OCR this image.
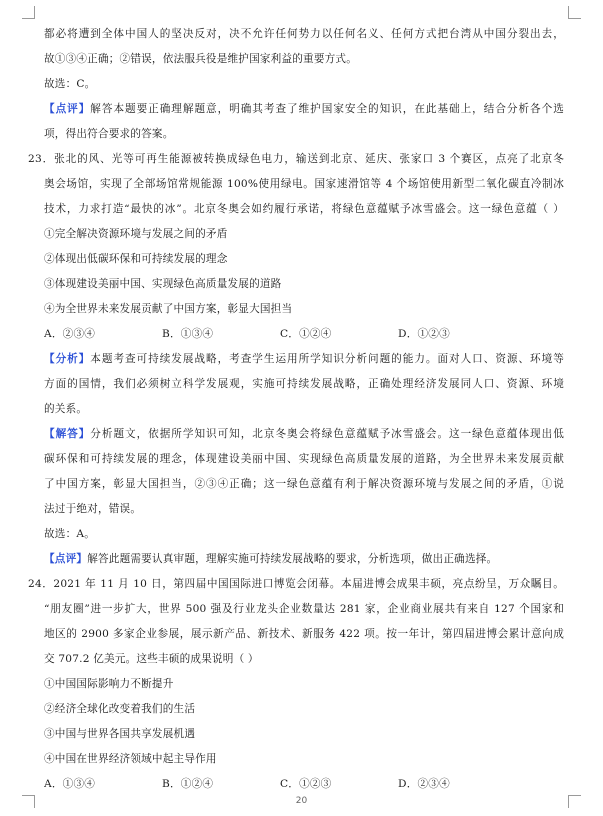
都必将遭到全体中国人的坚决反对，决不允许任何势力以任何名义、任何方式把台湾从中国分裂出去，
故①③④正确；②错误，依法服兵役是维护国家利益的重要方式。
故选：C。
【点评】解答本题要正确理解题意，明确其考查了维护国家安全的知识，在此基础上，结合分析各个选
项，得出符合要求的答案。
23．张北的风、光等可再生能源被转换成绿色电力，输送到北京、延庆、张家口 3 个赛区，点亮了北京冬
奥会场馆，实现了全部场馆常规能源 100%使用绿电。国家速滑馆等 4 个场馆使用新型二氧化碳直冷制冰
技术，力求打造“最快的冰”。北京冬奥会如约履行承诺，将绿色意蕴赋予冰雪盛会。这一绿色意蕴（ ）
①完全解决资源环境与发展之间的矛盾
②体现出低碳环保和可持续发展的理念
③体现建设美丽中国、实现绿色高质量发展的道路
④为全世界未来发展贡献了中国方案，彰显大国担当
A．②③④	B．①③④	C．①②④	D．①②③
【分析】本题考查可持续发展战略，考查学生运用所学知识分析问题的能力。面对人口、资源、环境等
方面的国情，我们必须树立科学发展观，实施可持续发展战略，正确处理经济发展同人口、资源、环境
的关系。
【解答】分析题文，依据所学知识可知，北京冬奥会将绿色意蕴赋予冰雪盛会。这一绿色意蕴体现出低
碳环保和可持续发展的理念，体现建设美丽中国、实现绿色高质量发展的道路，为全世界未来发展贡献
了中国方案，彰显大国担当，②③④正确；这一绿色意蕴有利于解决资源环境与发展之间的矛盾，①说
法过于绝对，错误。
故选：A。
【点评】解答此题需要认真审题，理解实施可持续发展战略的要求，分析选项，做出正确选择。
24．2021 年 11 月 10 日，第四届中国国际进口博览会闭幕。本届进博会成果丰硕，亮点纷呈，万众瞩目。
“朋友圈”进一步扩大，世界 500 强及行业龙头企业数量达 281 家，企业商业展共有来自 127 个国家和
地区的 2900 多家企业参展，展示新产品、新技术、新服务 422 项。按一年计，第四届进博会累计意向成
交 707.2 亿美元。这些丰硕的成果说明（ ）
①中国国际影响力不断提升
②经济全球化改变着我们的生活
③中国与世界各国共享发展机遇
④中国在世界经济领域中起主导作用
A．①③④	B．①②④	C．①②③	D．②③④
20
